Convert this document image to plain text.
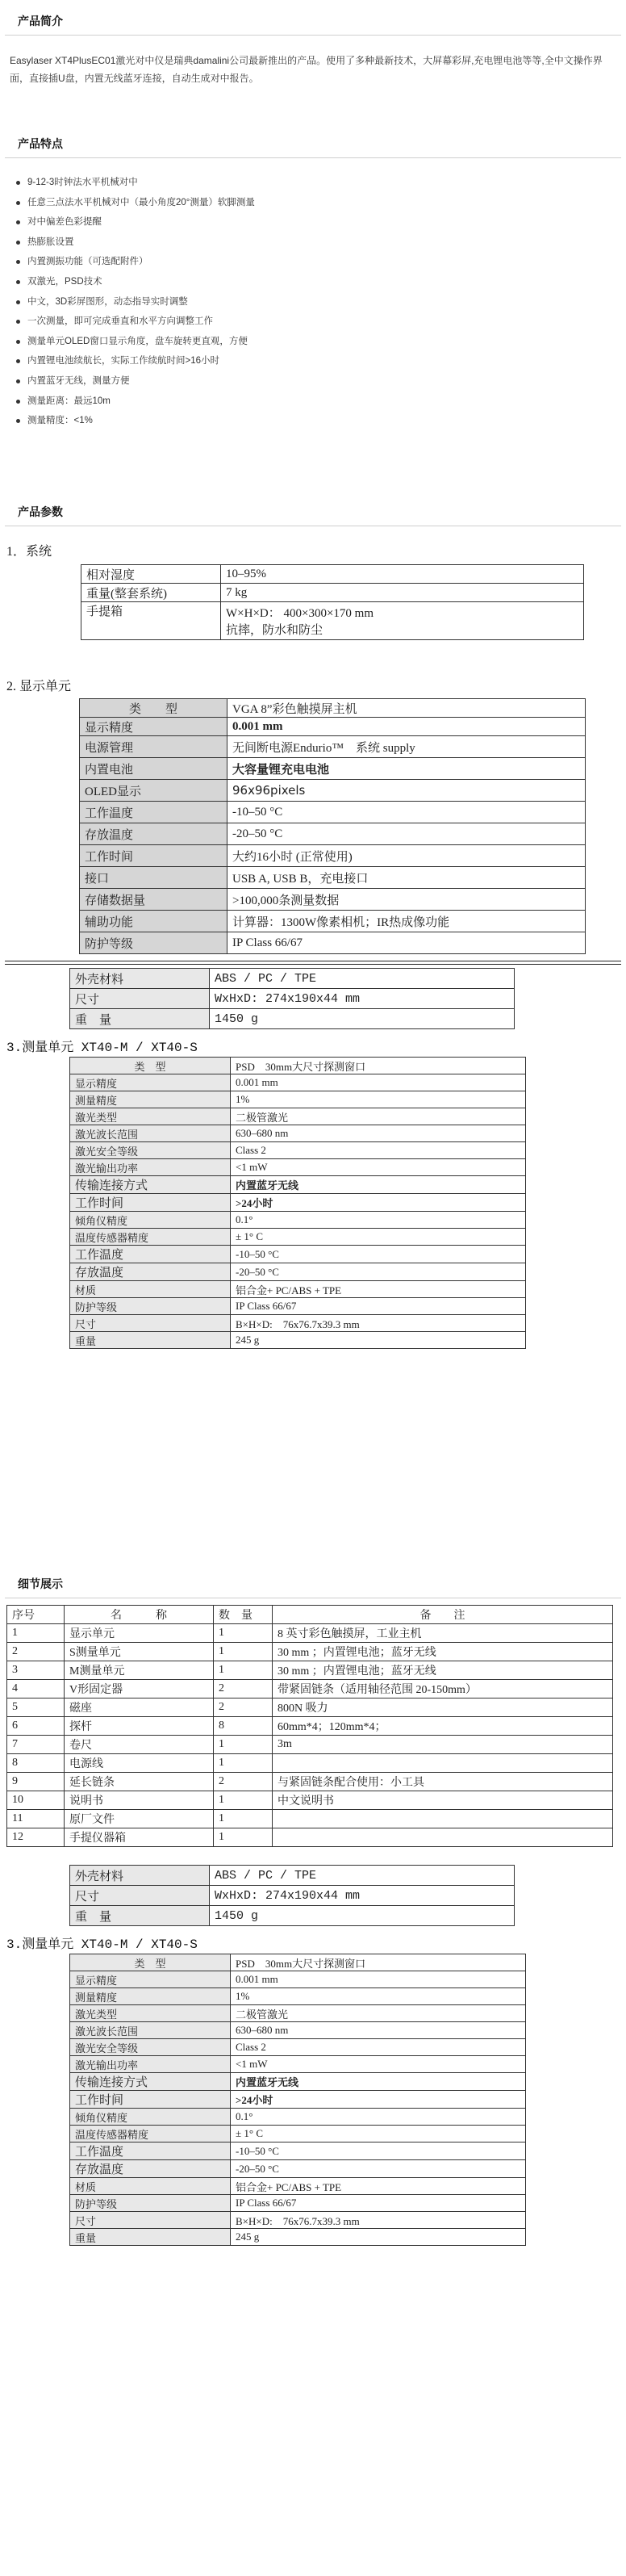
产品简介
Easylaser XT4PlusEC01激光对中仪是瑞典damalini公司最新推出的产品。使用了多种最新技术，大屏幕彩屏,充电锂电池等等,全中文操作界面，直接插U盘，内置无线蓝牙连接，自动生成对中报告。
产品特点
9-12-3时钟法水平机械对中
任意三点法水平机械对中（最小角度20°测量）软脚测量
对中偏差色彩提醒
热膨胀设置
内置测振功能（可选配附件）
双激光，PSD技术
中文，3D彩屏图形，动态指导实时调整
一次测量，即可完成垂直和水平方向调整工作
测量单元OLED窗口显示角度，盘车旋转更直观，方便
内置锂电池续航长，实际工作续航时间>16小时
内置蓝牙无线，测量方便
测量距离：最远10m
测量精度：<1%
产品参数
1．系统
相对湿度	10–95%
重量(整套系统)	7 kg
手提箱	W×H×D： 400×300×170 mm
抗摔，防水和防尘
2. 显示单元
类　　型	VGA 8”彩色触摸屏主机
显示精度	0.001 mm
电源管理	无间断电源Endurio™　系统 supply
内置电池	大容量锂充电电池
OLED显示	96x96pixels
工作温度	-10–50 °C
存放温度	-20–50 °C
工作时间	大约16小时 (正常使用)
接口	USB A, USB B，充电接口
存储数据量	>100,000条测量数据
辅助功能	计算器：1300W像素相机；IR热成像功能
防护等级	IP Class 66/67
外壳材料	ABS / PC / TPE
尺寸	WxHxD: 274x190x44 mm
重　量	1450 g
3.测量单元 XT40-M / XT40-S
类　型	PSD　30mm大尺寸探测窗口
显示精度	0.001 mm
测量精度	1%
激光类型	二极管激光
激光波长范围	630–680 nm
激光安全等级	Class 2
激光输出功率	<1 mW
传输连接方式	内置蓝牙无线
工作时间	>24小时
倾角仪精度	0.1°
温度传感器精度	± 1° C
工作温度	-10–50 °C
存放温度	-20–50 °C
材质	铝合金+ PC/ABS + TPE
防护等级	IP Class 66/67
尺寸	B×H×D:　76x76.7x39.3 mm
重量	245 g
细节展示
序号	名　　　称	数　量	备　　注
1	显示单元	1	8 英寸彩色触摸屏，工业主机
2	S测量单元	1	30 mm ；内置锂电池；蓝牙无线
3	M测量单元	1	30 mm ；内置锂电池；蓝牙无线
4	V形固定器	2	带紧固链条（适用轴径范围 20-150mm）
5	磁座	2	800N 吸力
6	探杆	8	60mm*4；120mm*4；
7	卷尺	1	3m
8	电源线	1	
9	延长链条	2	与紧固链条配合使用：小工具
10	说明书	1	中文说明书
11	原厂文件	1	
12	手提仪器箱	1	
外壳材料	ABS / PC / TPE
尺寸	WxHxD: 274x190x44 mm
重　量	1450 g
3.测量单元 XT40-M / XT40-S
类　型	PSD　30mm大尺寸探测窗口
显示精度	0.001 mm
测量精度	1%
激光类型	二极管激光
激光波长范围	630–680 nm
激光安全等级	Class 2
激光输出功率	<1 mW
传输连接方式	内置蓝牙无线
工作时间	>24小时
倾角仪精度	0.1°
温度传感器精度	± 1° C
工作温度	-10–50 °C
存放温度	-20–50 °C
材质	铝合金+ PC/ABS + TPE
防护等级	IP Class 66/67
尺寸	B×H×D:　76x76.7x39.3 mm
重量	245 g
